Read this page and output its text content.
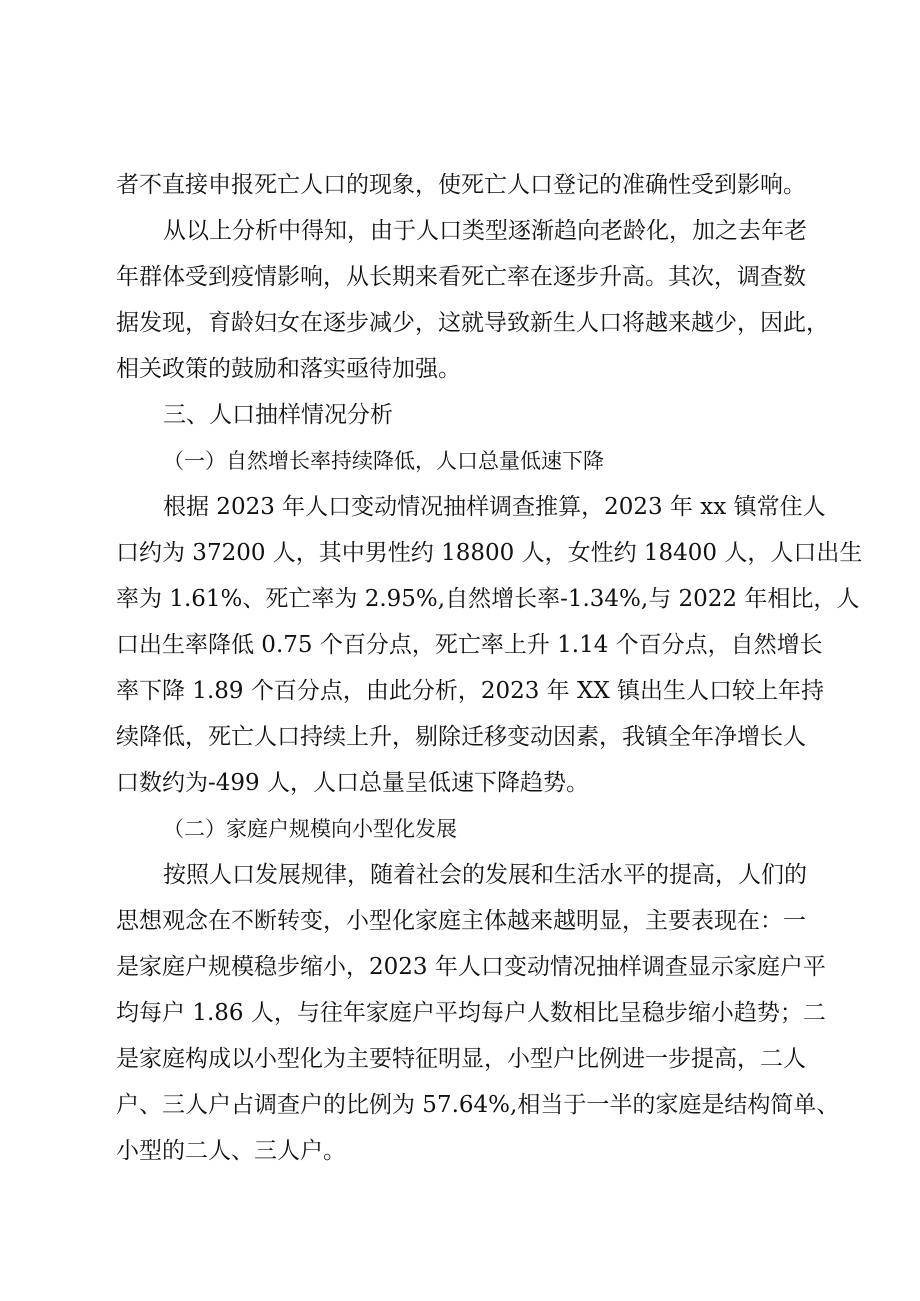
者不直接申报死亡人口的现象，使死亡人口登记的准确性受到影响。
从以上分析中得知，由于人口类型逐渐趋向老龄化，加之去年老
年群体受到疫情影响，从长期来看死亡率在逐步升高。其次，调查数
据发现，育龄妇女在逐步减少，这就导致新生人口将越来越少，因此，
相关政策的鼓励和落实亟待加强。
三、人口抽样情况分析
（一）自然增长率持续降低，人口总量低速下降
根据 2023 年人口变动情况抽样调查推算，2023 年 xx 镇常住人
口约为 37200 人，其中男性约 18800 人，女性约 18400 人，人口出生
率为 1.61%、死亡率为 2.95%,自然增长率-1.34%,与 2022 年相比，人
口出生率降低 0.75 个百分点，死亡率上升 1.14 个百分点，自然增长
率下降 1.89 个百分点，由此分析，2023 年 XX 镇出生人口较上年持
续降低，死亡人口持续上升，剔除迁移变动因素，我镇全年净增长人
口数约为-499 人，人口总量呈低速下降趋势。
（二）家庭户规模向小型化发展
按照人口发展规律，随着社会的发展和生活水平的提高，人们的
思想观念在不断转变，小型化家庭主体越来越明显，主要表现在：一
是家庭户规模稳步缩小，2023 年人口变动情况抽样调查显示家庭户平
均每户 1.86 人，与往年家庭户平均每户人数相比呈稳步缩小趋势；二
是家庭构成以小型化为主要特征明显，小型户比例进一步提高，二人
户、三人户占调查户的比例为 57.64%,相当于一半的家庭是结构简单、
小型的二人、三人户。
